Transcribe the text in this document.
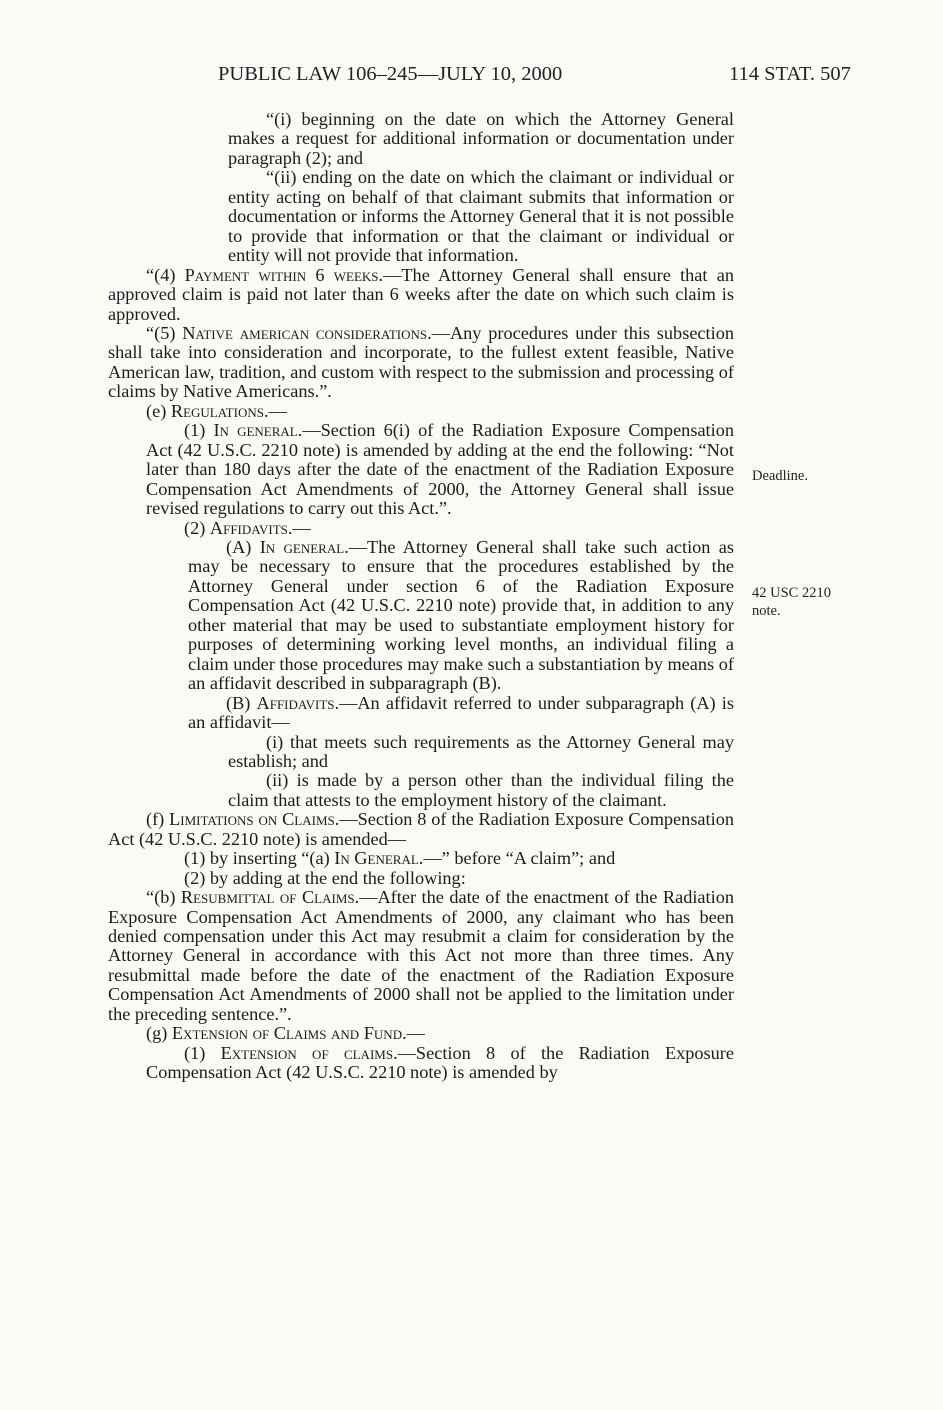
PUBLIC LAW 106–245—JULY 10, 2000	114 STAT. 507
Deadline.
42 USC 2210
note.

“(i) beginning on the date on which the Attorney General makes a request for additional information or documentation under paragraph (2); and

“(ii) ending on the date on which the claimant or individual or entity acting on behalf of that claimant submits that information or documentation or informs the Attorney General that it is not possible to provide that information or that the claimant or individual or entity will not provide that information.

“(4) Payment within 6 weeks.—The Attorney General shall ensure that an approved claim is paid not later than 6 weeks after the date on which such claim is approved.

“(5) Native american considerations.—Any procedures under this subsection shall take into consideration and incorporate, to the fullest extent feasible, Native American law, tradition, and custom with respect to the submission and processing of claims by Native Americans.”.

(e) Regulations.—

(1) In general.—Section 6(i) of the Radiation Exposure Compensation Act (42 U.S.C. 2210 note) is amended by adding at the end the following: “Not later than 180 days after the date of the enactment of the Radiation Exposure Compensation Act Amendments of 2000, the Attorney General shall issue revised regulations to carry out this Act.”.

(2) Affidavits.—

(A) In general.—The Attorney General shall take such action as may be necessary to ensure that the procedures established by the Attorney General under section 6 of the Radiation Exposure Compensation Act (42 U.S.C. 2210 note) provide that, in addition to any other material that may be used to substantiate employment history for purposes of determining working level months, an individual filing a claim under those procedures may make such a substantiation by means of an affidavit described in subparagraph (B).

(B) Affidavits.—An affidavit referred to under subparagraph (A) is an affidavit—

(i) that meets such requirements as the Attorney General may establish; and

(ii) is made by a person other than the individual filing the claim that attests to the employment history of the claimant.

(f) Limitations on Claims.—Section 8 of the Radiation Exposure Compensation Act (42 U.S.C. 2210 note) is amended—

(1) by inserting “(a) In General.—” before “A claim”; and

(2) by adding at the end the following:

“(b) Resubmittal of Claims.—After the date of the enactment of the Radiation Exposure Compensation Act Amendments of 2000, any claimant who has been denied compensation under this Act may resubmit a claim for consideration by the Attorney General in accordance with this Act not more than three times. Any resubmittal made before the date of the enactment of the Radiation Exposure Compensation Act Amendments of 2000 shall not be applied to the limitation under the preceding sentence.”.

(g) Extension of Claims and Fund.—

(1) Extension of claims.—Section 8 of the Radiation Exposure Compensation Act (42 U.S.C. 2210 note) is amended by
